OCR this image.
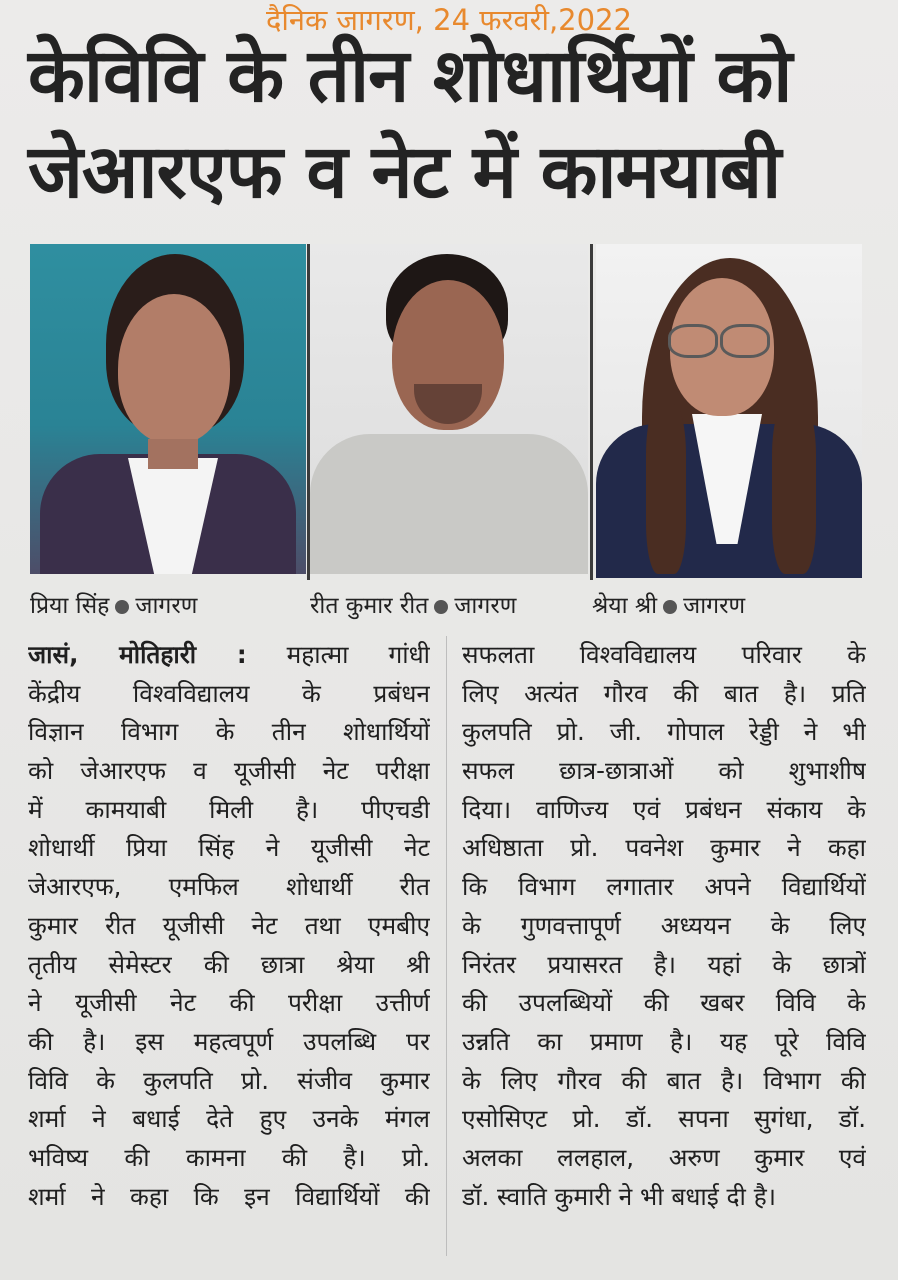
दैनिक जागरण, 24 फरवरी,2022
केविवि के तीन शोधार्थियों को
जेआरएफ व नेट में कामयाबी
प्रिया सिंह जागरण	रीत कुमार रीत जागरण	श्रेया श्री जागरण
जासं, मोतिहारी : महात्मा गांधी
केंद्रीय विश्वविद्यालय के प्रबंधन
विज्ञान विभाग के तीन शोधार्थियों
को जेआरएफ व यूजीसी नेट परीक्षा
में कामयाबी मिली है। पीएचडी
शोधार्थी प्रिया सिंह ने यूजीसी नेट
जेआरएफ, एमफिल शोधार्थी रीत
कुमार रीत यूजीसी नेट तथा एमबीए
तृतीय सेमेस्टर की छात्रा श्रेया श्री
ने यूजीसी नेट की परीक्षा उत्तीर्ण
की है। इस महत्वपूर्ण उपलब्धि पर
विवि के कुलपति प्रो. संजीव कुमार
शर्मा ने बधाई देते हुए उनके मंगल
भविष्य की कामना की है। प्रो.
शर्मा ने कहा कि इन विद्यार्थियों की
सफलता विश्वविद्यालय परिवार के
लिए अत्यंत गौरव की बात है। प्रति
कुलपति प्रो. जी. गोपाल रेड्डी ने भी
सफल छात्र-छात्राओं को शुभाशीष
दिया। वाणिज्य एवं प्रबंधन संकाय के
अधिष्ठाता प्रो. पवनेश कुमार ने कहा
कि विभाग लगातार अपने विद्यार्थियों
के गुणवत्तापूर्ण अध्ययन के लिए
निरंतर प्रयासरत है। यहां के छात्रों
की उपलब्धियों की खबर विवि के
उन्नति का प्रमाण है। यह पूरे विवि
के लिए गौरव की बात है। विभाग की
एसोसिएट प्रो. डॉ. सपना सुगंधा, डॉ.
अलका ललहाल, अरुण कुमार एवं
डॉ. स्वाति कुमारी ने भी बधाई दी है।
